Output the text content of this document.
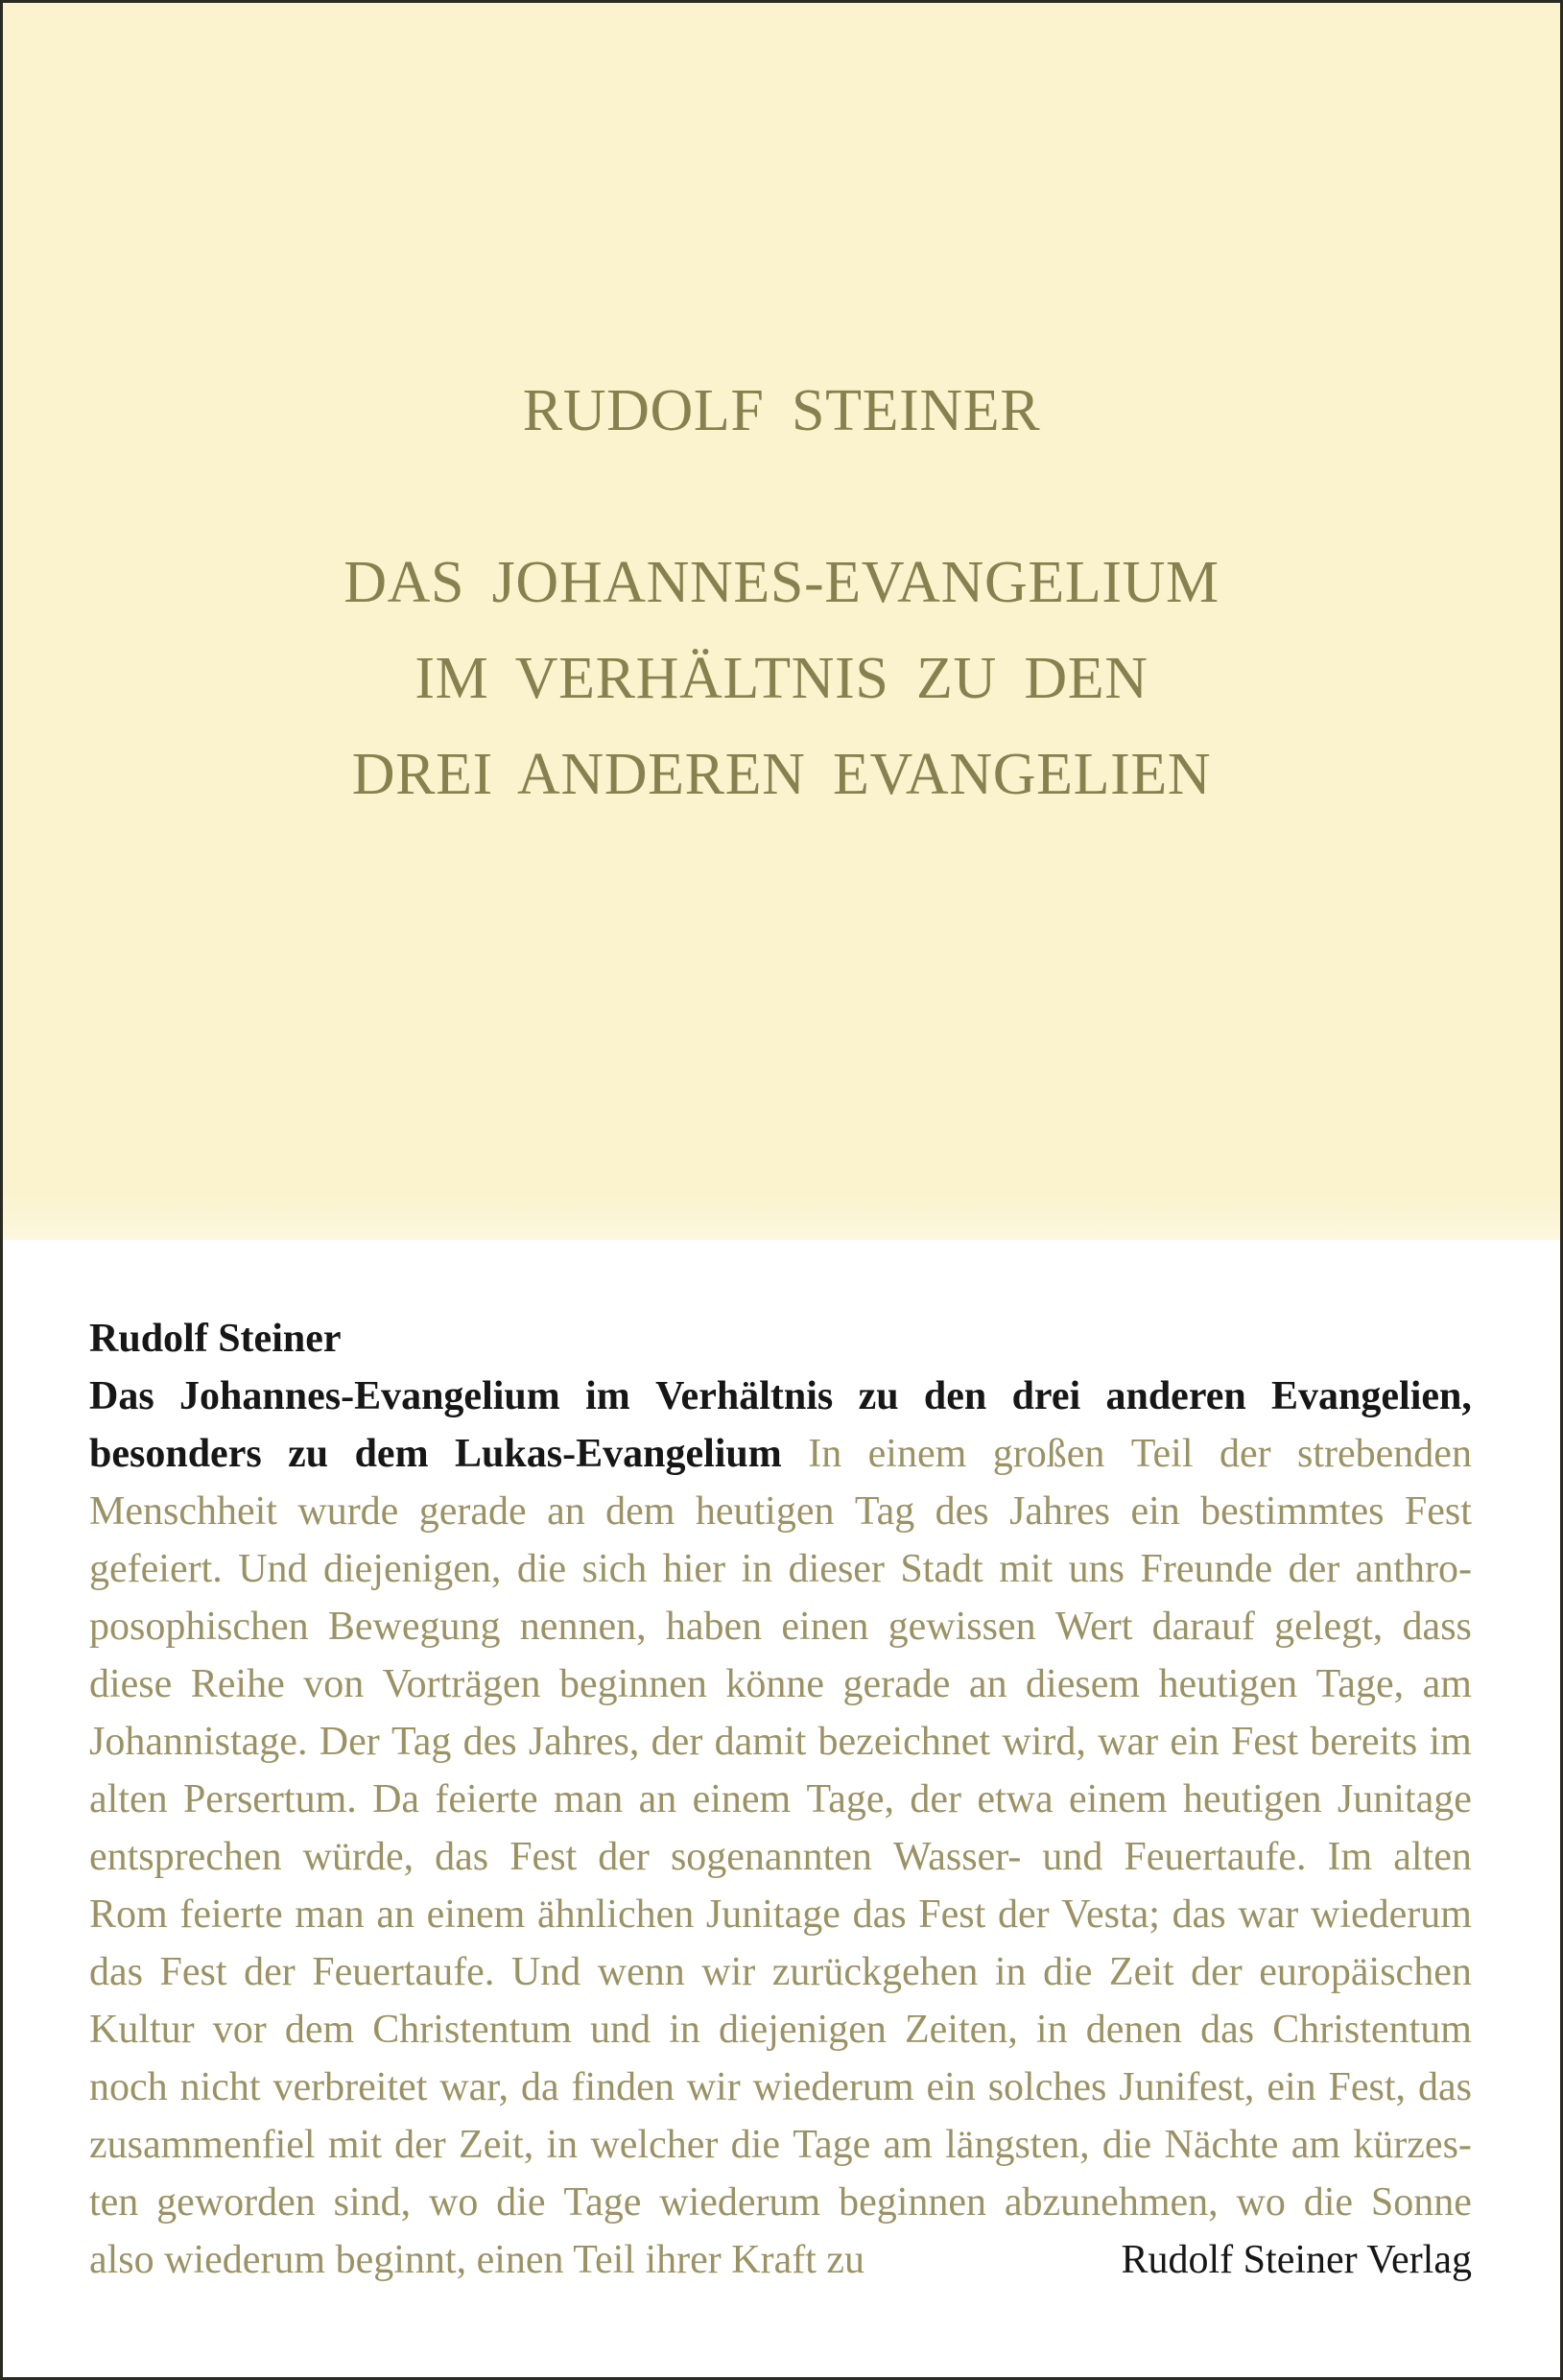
RUDOLF STEINER
DAS JOHANNES-EVANGELIUM
IM VERHÄLTNIS ZU DEN
DREI ANDEREN EVANGELIEN
Rudolf Steiner
Das Johannes-Evangelium im Verhältnis zu den drei anderen Evangelien,
besonders zu dem Lukas-Evangelium In einem großen Teil der strebenden
Menschheit wurde gerade an dem heutigen Tag des Jahres ein bestimmtes Fest
gefeiert. Und diejenigen, die sich hier in dieser Stadt mit uns Freunde der anthro-
posophischen Bewegung nennen, haben einen gewissen Wert darauf gelegt, dass
diese Reihe von Vorträgen beginnen könne gerade an diesem heutigen Tage, am
Johannistage. Der Tag des Jahres, der damit bezeichnet wird, war ein Fest bereits im
alten Persertum. Da feierte man an einem Tage, der etwa einem heutigen Junitage
entsprechen würde, das Fest der sogenannten Wasser- und Feuertaufe. Im alten
Rom feierte man an einem ähnlichen Junitage das Fest der Vesta; das war wiederum
das Fest der Feuertaufe. Und wenn wir zurückgehen in die Zeit der europäischen
Kultur vor dem Christentum und in diejenigen Zeiten, in denen das Christentum
noch nicht verbreitet war, da finden wir wiederum ein solches Junifest, ein Fest, das
zusammenfiel mit der Zeit, in welcher die Tage am längsten, die Nächte am kürzes-
ten geworden sind, wo die Tage wiederum beginnen abzunehmen, wo die Sonne
also wiederum beginnt, einen Teil ihrer Kraft zu	Rudolf Steiner Verlag
